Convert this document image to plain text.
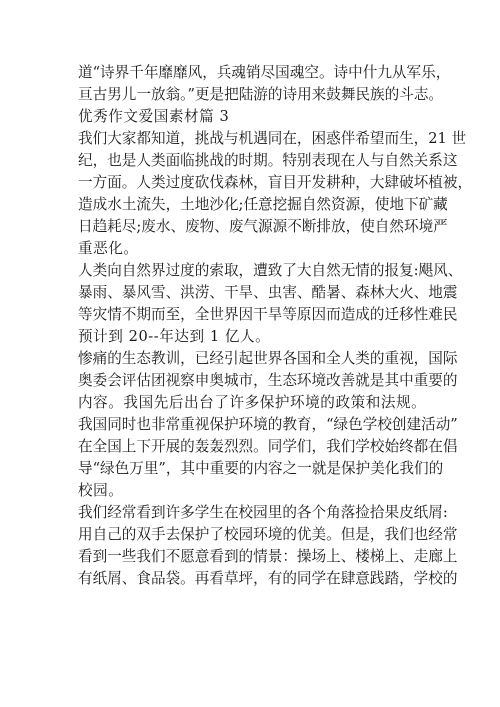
道“诗界千年靡靡风，兵魂销尽国魂空。诗中什九从军乐，
亘古男儿一放翁。”更是把陆游的诗用来鼓舞民族的斗志。
优秀作文爱国素材篇 3
我们大家都知道，挑战与机遇同在，困惑伴希望而生，21 世
纪，也是人类面临挑战的时期。特别表现在人与自然关系这
一方面。人类过度砍伐森林，盲目开发耕种，大肆破坏植被，
造成水土流失，土地沙化;任意挖掘自然资源，使地下矿藏
日趋耗尽;废水、废物、废气源源不断排放，使自然环境严
重恶化。
人类向自然界过度的索取，遭致了大自然无情的报复:飓风、
暴雨、暴风雪、洪涝、干旱、虫害、酷暑、森林大火、地震
等灾情不期而至，全世界因干旱等原因而造成的迁移性难民
预计到 20--年达到 1 亿人。
惨痛的生态教训，已经引起世界各国和全人类的重视，国际
奥委会评估团视察申奥城市，生态环境改善就是其中重要的
内容。我国先后出台了许多保护环境的政策和法规。
我国同时也非常重视保护环境的教育，“绿色学校创建活动”
在全国上下开展的轰轰烈烈。同学们，我们学校始终都在倡
导“绿色万里”，其中重要的内容之一就是保护美化我们的
校园。
我们经常看到许多学生在校园里的各个角落捡拾果皮纸屑:
用自己的双手去保护了校园环境的优美。但是，我们也经常
看到一些我们不愿意看到的情景：操场上、楼梯上、走廊上
有纸屑、食品袋。再看草坪，有的同学在肆意践踏，学校的
